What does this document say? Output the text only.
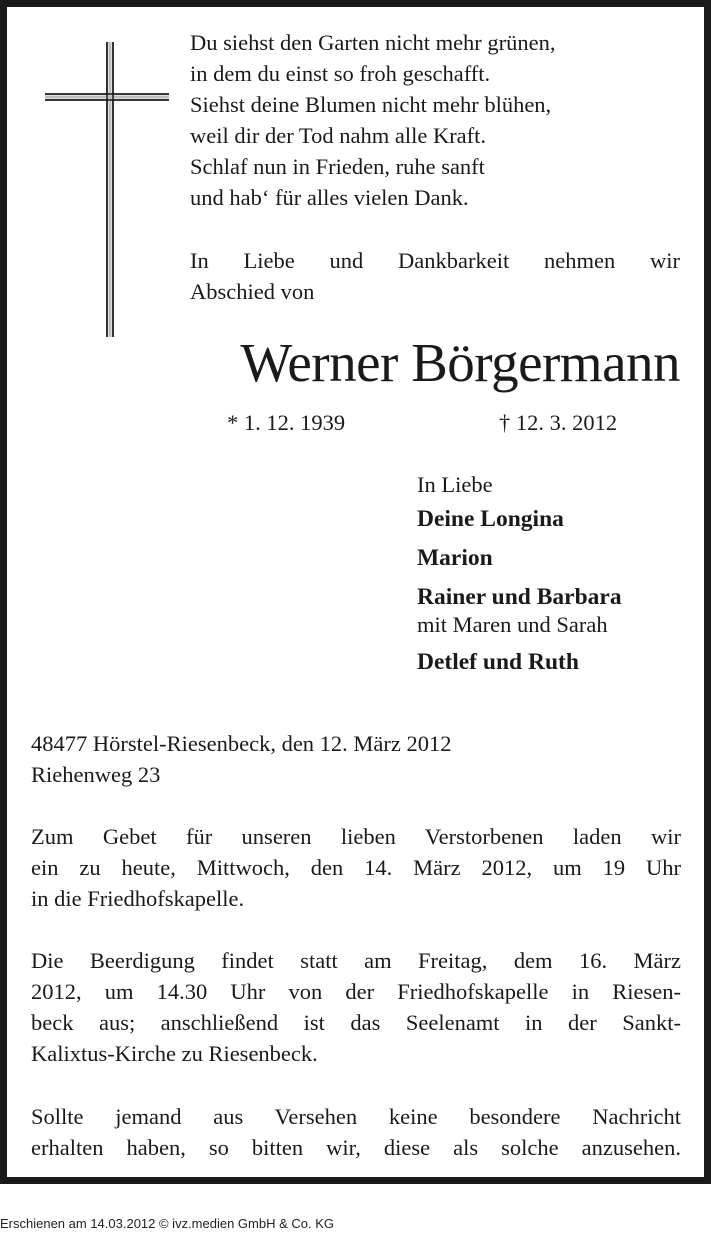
Du siehst den Garten nicht mehr grünen,
in dem du einst so froh geschafft.
Siehst deine Blumen nicht mehr blühen,
weil dir der Tod nahm alle Kraft.
Schlaf nun in Frieden, ruhe sanft
und hab‘ für alles vielen Dank.
In Liebe und Dankbarkeit nehmen wir
Abschied von
Werner Börgermann
* 1. 12. 1939	† 12. 3. 2012
In Liebe
Deine Longina
Marion
Rainer und Barbara
mit Maren und Sarah
Detlef und Ruth
48477 Hörstel-Riesenbeck, den 12. März 2012
Riehenweg 23
Zum Gebet für unseren lieben Verstorbenen laden wir
ein zu heute, Mittwoch, den 14. März 2012, um 19 Uhr
in die Friedhofskapelle.
Die Beerdigung findet statt am Freitag, dem 16. März
2012, um 14.30 Uhr von der Friedhofskapelle in Riesen-
beck aus; anschließend ist das Seelenamt in der Sankt-
Kalixtus-Kirche zu Riesenbeck.
Sollte jemand aus Versehen keine besondere Nachricht
erhalten haben, so bitten wir, diese als solche anzusehen.
Erschienen am 14.03.2012 © ivz.medien GmbH & Co. KG
